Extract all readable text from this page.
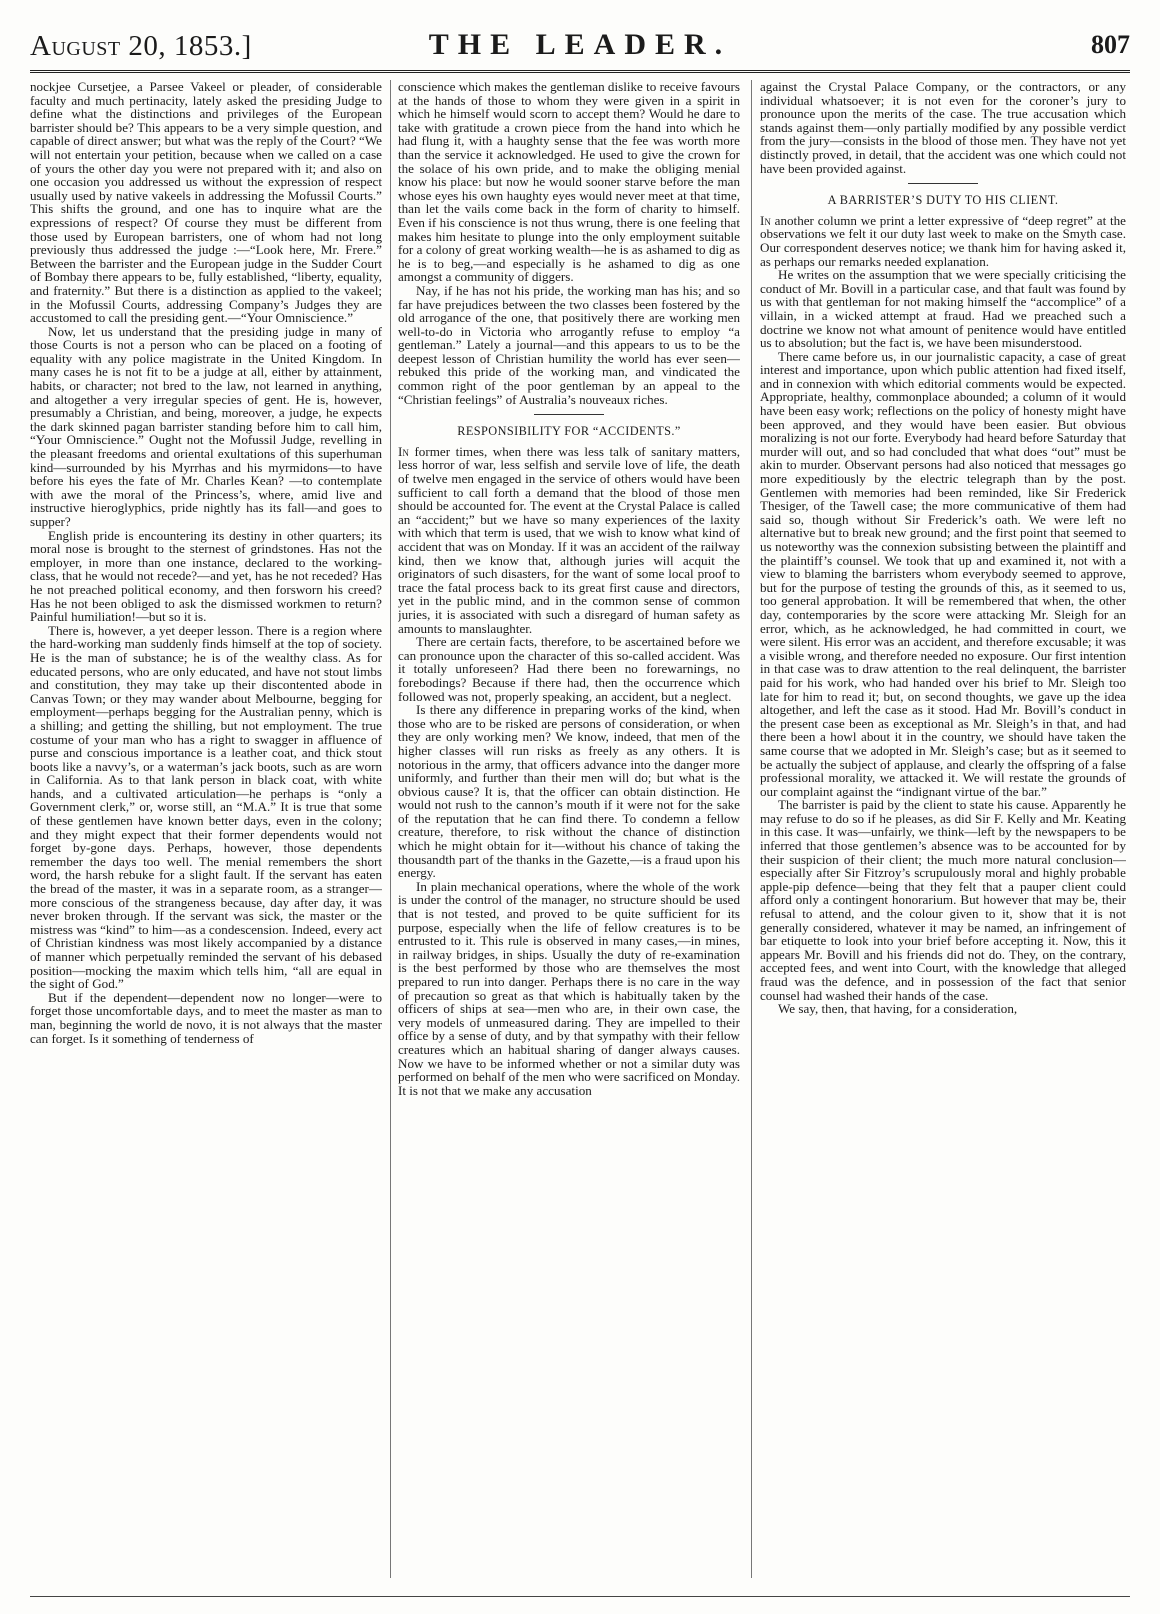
THE LEADER.
August 20, 1853.]	807

nockjee Cursetjee, a Parsee Vakeel or pleader, of considerable faculty and much pertinacity, lately asked the presiding Judge to define what the distinctions and privileges of the European barrister should be? This appears to be a very simple question, and capable of direct answer; but what was the reply of the Court? “We will not entertain your petition, because when we called on a case of yours the other day you were not prepared with it; and also on one occasion you addressed us without the expression of respect usually used by native vakeels in addressing the Mofussil Courts.” This shifts the ground, and one has to inquire what are the expressions of respect? Of course they must be different from those used by European barristers, one of whom had not long previously thus addressed the judge :—“Look here, Mr. Frere.” Between the barrister and the European judge in the Sudder Court of Bombay there appears to be, fully established, “liberty, equality, and fraternity.” But there is a distinction as applied to the vakeel; in the Mofussil Courts, addressing Company’s Judges they are accustomed to call the presiding gent.—“Your Omniscience.”

Now, let us understand that the presiding judge in many of those Courts is not a person who can be placed on a footing of equality with any police magistrate in the United Kingdom. In many cases he is not fit to be a judge at all, either by attainment, habits, or character; not bred to the law, not learned in anything, and altogether a very irregular species of gent. He is, however, presumably a Christian, and being, moreover, a judge, he expects the dark skinned pagan barrister standing before him to call him, “Your Omniscience.” Ought not the Mofussil Judge, revelling in the pleasant freedoms and oriental exultations of this superhuman kind—surrounded by his Myrrhas and his myrmidons—to have before his eyes the fate of Mr. Charles Kean? —to contemplate with awe the moral of the Princess’s, where, amid live and instructive hieroglyphics, pride nightly has its fall—and goes to supper?

English pride is encountering its destiny in other quarters; its moral nose is brought to the sternest of grindstones. Has not the employer, in more than one instance, declared to the working-class, that he would not recede?—and yet, has he not receded? Has he not preached political economy, and then forsworn his creed? Has he not been obliged to ask the dismissed workmen to return? Painful humiliation!—but so it is.

There is, however, a yet deeper lesson. There is a region where the hard-working man suddenly finds himself at the top of society. He is the man of substance; he is of the wealthy class. As for educated persons, who are only educated, and have not stout limbs and constitution, they may take up their discontented abode in Canvas Town; or they may wander about Melbourne, begging for employment—perhaps begging for the Australian penny, which is a shilling; and getting the shilling, but not employment. The true costume of your man who has a right to swagger in affluence of purse and conscious importance is a leather coat, and thick stout boots like a navvy’s, or a waterman’s jack boots, such as are worn in California. As to that lank person in black coat, with white hands, and a cultivated articulation—he perhaps is “only a Government clerk,” or, worse still, an “M.A.” It is true that some of these gentlemen have known better days, even in the colony; and they might expect that their former dependents would not forget by-gone days. Perhaps, however, those dependents remember the days too well. The menial remembers the short word, the harsh rebuke for a slight fault. If the servant has eaten the bread of the master, it was in a separate room, as a stranger—more conscious of the strangeness because, day after day, it was never broken through. If the servant was sick, the master or the mistress was “kind” to him—as a condescension. Indeed, every act of Christian kindness was most likely accompanied by a distance of manner which perpetually reminded the servant of his debased position—mocking the maxim which tells him, “all are equal in the sight of God.”

But if the dependent—dependent now no longer—were to forget those uncomfortable days, and to meet the master as man to man, beginning the world de novo, it is not always that the master can forget. Is it something of tenderness of

conscience which makes the gentleman dislike to receive favours at the hands of those to whom they were given in a spirit in which he himself would scorn to accept them? Would he dare to take with gratitude a crown piece from the hand into which he had flung it, with a haughty sense that the fee was worth more than the service it acknowledged. He used to give the crown for the solace of his own pride, and to make the obliging menial know his place: but now he would sooner starve before the man whose eyes his own haughty eyes would never meet at that time, than let the vails come back in the form of charity to himself. Even if his conscience is not thus wrung, there is one feeling that makes him hesitate to plunge into the only employment suitable for a colony of great working wealth—he is as ashamed to dig as he is to beg,—and especially is he ashamed to dig as one amongst a community of diggers.

Nay, if he has not his pride, the working man has his; and so far have prejudices between the two classes been fostered by the old arrogance of the one, that positively there are working men well-to-do in Victoria who arrogantly refuse to employ “a gentleman.” Lately a journal—and this appears to us to be the deepest lesson of Christian humility the world has ever seen—rebuked this pride of the working man, and vindicated the common right of the poor gentleman by an appeal to the “Christian feelings” of Australia’s nouveaux riches.

RESPONSIBILITY FOR “ACCIDENTS.”

In former times, when there was less talk of sanitary matters, less horror of war, less selfish and servile love of life, the death of twelve men engaged in the service of others would have been sufficient to call forth a demand that the blood of those men should be accounted for. The event at the Crystal Palace is called an “accident;” but we have so many experiences of the laxity with which that term is used, that we wish to know what kind of accident that was on Monday. If it was an accident of the railway kind, then we know that, although juries will acquit the originators of such disasters, for the want of some local proof to trace the fatal process back to its great first cause and directors, yet in the public mind, and in the common sense of common juries, it is associated with such a disregard of human safety as amounts to manslaughter.

There are certain facts, therefore, to be ascertained before we can pronounce upon the character of this so-called accident. Was it totally unforeseen? Had there been no forewarnings, no forebodings? Because if there had, then the occurrence which followed was not, properly speaking, an accident, but a neglect.

Is there any difference in preparing works of the kind, when those who are to be risked are persons of consideration, or when they are only working men? We know, indeed, that men of the higher classes will run risks as freely as any others. It is notorious in the army, that officers advance into the danger more uniformly, and further than their men will do; but what is the obvious cause? It is, that the officer can obtain distinction. He would not rush to the cannon’s mouth if it were not for the sake of the reputation that he can find there. To condemn a fellow creature, therefore, to risk without the chance of distinction which he might obtain for it—without his chance of taking the thousandth part of the thanks in the Gazette,—is a fraud upon his energy.

In plain mechanical operations, where the whole of the work is under the control of the manager, no structure should be used that is not tested, and proved to be quite sufficient for its purpose, especially when the life of fellow creatures is to be entrusted to it. This rule is observed in many cases,—in mines, in railway bridges, in ships. Usually the duty of re-examination is the best performed by those who are themselves the most prepared to run into danger. Perhaps there is no care in the way of precaution so great as that which is habitually taken by the officers of ships at sea—men who are, in their own case, the very models of unmeasured daring. They are impelled to their office by a sense of duty, and by that sympathy with their fellow creatures which an habitual sharing of danger always causes. Now we have to be informed whether or not a similar duty was performed on behalf of the men who were sacrificed on Monday. It is not that we make any accusation

against the Crystal Palace Company, or the contractors, or any individual whatsoever; it is not even for the coroner’s jury to pronounce upon the merits of the case. The true accusation which stands against them—only partially modified by any possible verdict from the jury—consists in the blood of those men. They have not yet distinctly proved, in detail, that the accident was one which could not have been provided against.

A BARRISTER’S DUTY TO HIS CLIENT.

In another column we print a letter expressive of “deep regret” at the observations we felt it our duty last week to make on the Smyth case. Our correspondent deserves notice; we thank him for having asked it, as perhaps our remarks needed explanation.

He writes on the assumption that we were specially criticising the conduct of Mr. Bovill in a particular case, and that fault was found by us with that gentleman for not making himself the “accomplice” of a villain, in a wicked attempt at fraud. Had we preached such a doctrine we know not what amount of penitence would have entitled us to absolution; but the fact is, we have been misunderstood.

There came before us, in our journalistic capacity, a case of great interest and importance, upon which public attention had fixed itself, and in connexion with which editorial comments would be expected. Appropriate, healthy, commonplace abounded; a column of it would have been easy work; reflections on the policy of honesty might have been approved, and they would have been easier. But obvious moralizing is not our forte. Everybody had heard before Saturday that murder will out, and so had concluded that what does “out” must be akin to murder. Observant persons had also noticed that messages go more expeditiously by the electric telegraph than by the post. Gentlemen with memories had been reminded, like Sir Frederick Thesiger, of the Tawell case; the more communicative of them had said so, though without Sir Frederick’s oath. We were left no alternative but to break new ground; and the first point that seemed to us noteworthy was the connexion subsisting between the plaintiff and the plaintiff’s counsel. We took that up and examined it, not with a view to blaming the barristers whom everybody seemed to approve, but for the purpose of testing the grounds of this, as it seemed to us, too general approbation. It will be remembered that when, the other day, contemporaries by the score were attacking Mr. Sleigh for an error, which, as he acknowledged, he had committed in court, we were silent. His error was an accident, and therefore excusable; it was a visible wrong, and therefore needed no exposure. Our first intention in that case was to draw attention to the real delinquent, the barrister paid for his work, who had handed over his brief to Mr. Sleigh too late for him to read it; but, on second thoughts, we gave up the idea altogether, and left the case as it stood. Had Mr. Bovill’s conduct in the present case been as exceptional as Mr. Sleigh’s in that, and had there been a howl about it in the country, we should have taken the same course that we adopted in Mr. Sleigh’s case; but as it seemed to be actually the subject of applause, and clearly the offspring of a false professional morality, we attacked it. We will restate the grounds of our complaint against the “indignant virtue of the bar.”

The barrister is paid by the client to state his cause. Apparently he may refuse to do so if he pleases, as did Sir F. Kelly and Mr. Keating in this case. It was—unfairly, we think—left by the newspapers to be inferred that those gentlemen’s absence was to be accounted for by their suspicion of their client; the much more natural conclusion—especially after Sir Fitzroy’s scrupulously moral and highly probable apple-pip defence—being that they felt that a pauper client could afford only a contingent honorarium. But however that may be, their refusal to attend, and the colour given to it, show that it is not generally considered, whatever it may be named, an infringement of bar etiquette to look into your brief before accepting it. Now, this it appears Mr. Bovill and his friends did not do. They, on the contrary, accepted fees, and went into Court, with the knowledge that alleged fraud was the defence, and in possession of the fact that senior counsel had washed their hands of the case.

We say, then, that having, for a consideration,
